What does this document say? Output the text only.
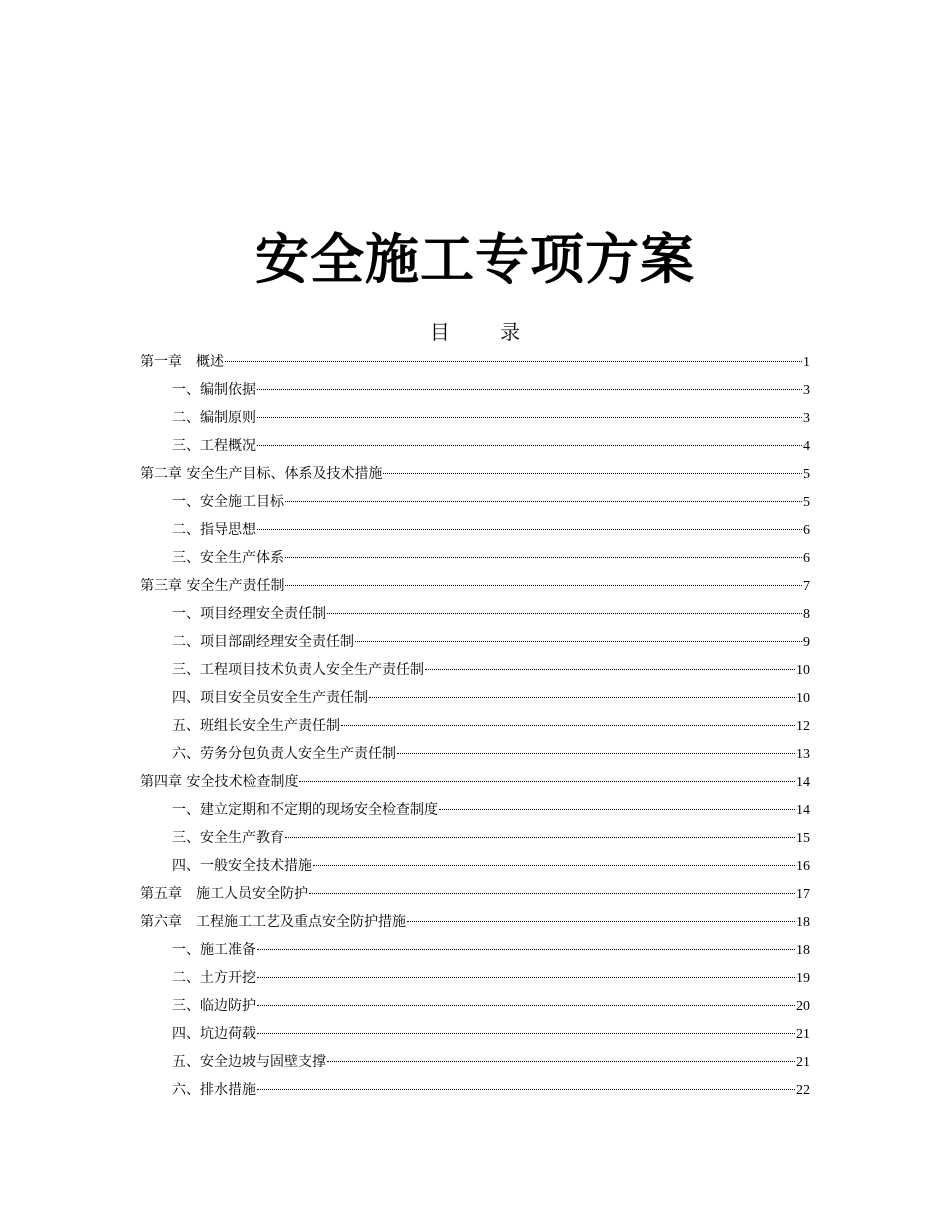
安全施工专项方案
目 录
第一章　概述	1
一、编制依据	3
二、编制原则	3
三、工程概况	4
第二章 安全生产目标、体系及技术措施	5
一、安全施工目标	5
二、指导思想	6
三、安全生产体系	6
第三章 安全生产责任制	7
一、项目经理安全责任制	8
二、项目部副经理安全责任制	9
三、工程项目技术负责人安全生产责任制	10
四、项目安全员安全生产责任制	10
五、班组长安全生产责任制	12
六、劳务分包负责人安全生产责任制	13
第四章 安全技术检查制度	14
一、建立定期和不定期的现场安全检查制度	14
三、安全生产教育	15
四、一般安全技术措施	16
第五章　施工人员安全防护	17
第六章　工程施工工艺及重点安全防护措施	18
一、施工准备	18
二、土方开挖	19
三、临边防护	20
四、坑边荷载	21
五、安全边坡与固壁支撑	21
六、排水措施	22
